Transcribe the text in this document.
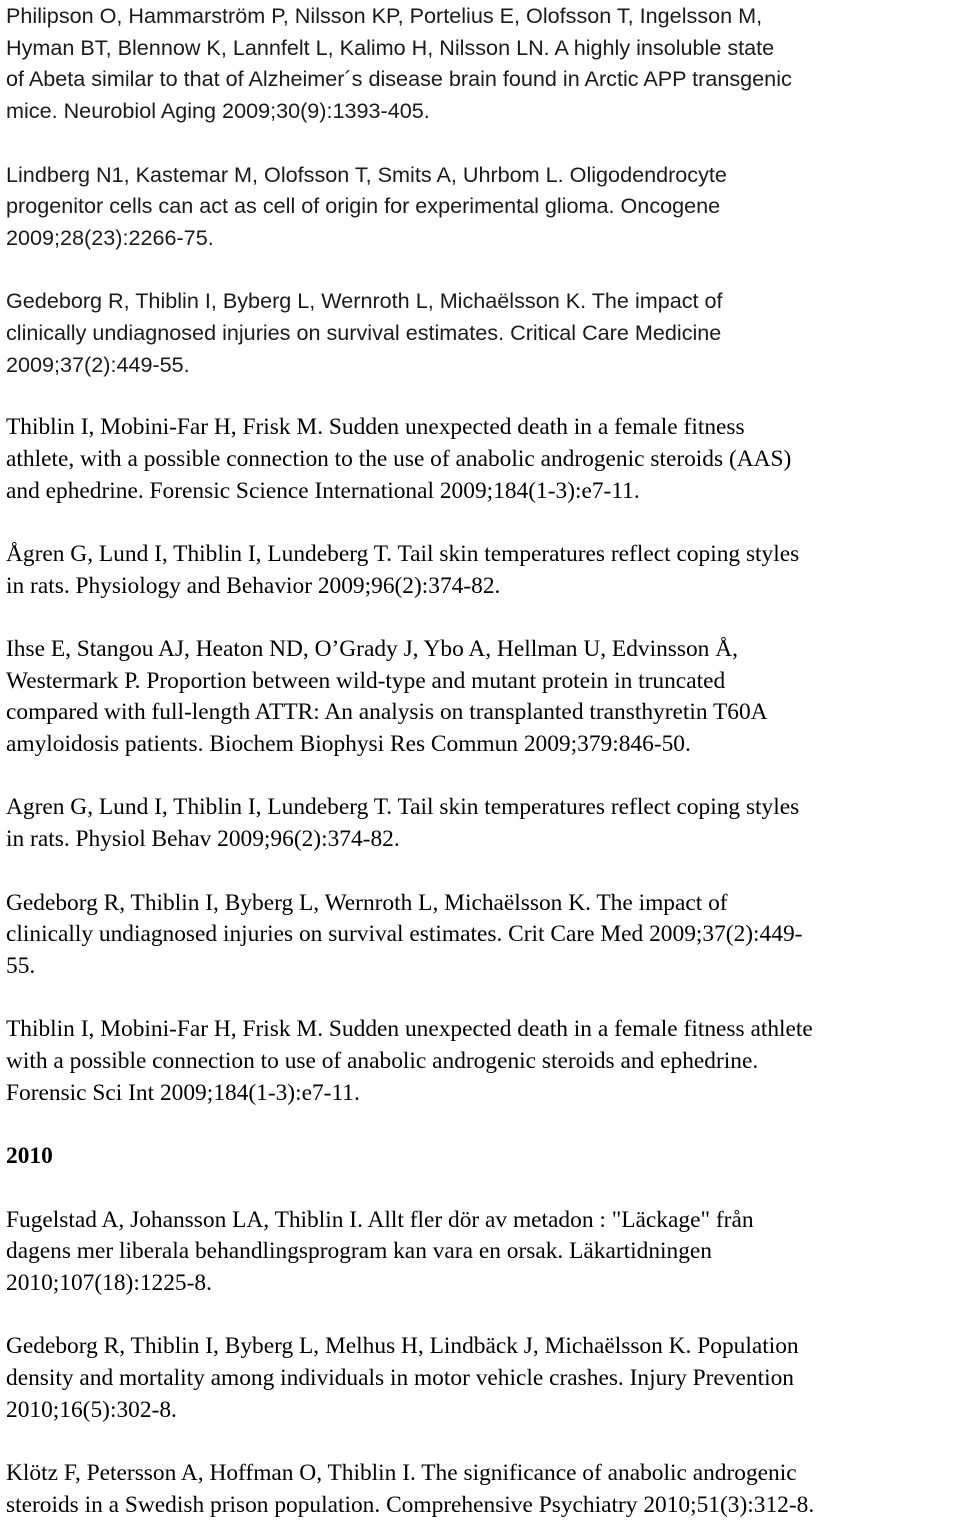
Philipson O, Hammarström P, Nilsson KP, Portelius E, Olofsson T, Ingelsson M,
Hyman BT, Blennow K, Lannfelt L, Kalimo H, Nilsson LN. A highly insoluble state
of Abeta similar to that of Alzheimer´s disease brain found in Arctic APP transgenic
mice. Neurobiol Aging 2009;30(9):1393-405.
Lindberg N1, Kastemar M, Olofsson T, Smits A, Uhrbom L. Oligodendrocyte
progenitor cells can act as cell of origin for experimental glioma. Oncogene
2009;28(23):2266-75.
Gedeborg R, Thiblin I, Byberg L, Wernroth L, Michaëlsson K. The impact of
clinically undiagnosed injuries on survival estimates. Critical Care Medicine
2009;37(2):449-55.
Thiblin I, Mobini-Far H, Frisk M. Sudden unexpected death in a female fitness
athlete, with a possible connection to the use of anabolic androgenic steroids (AAS)
and ephedrine. Forensic Science International 2009;184(1-3):e7-11.
Ågren G, Lund I, Thiblin I, Lundeberg T. Tail skin temperatures reflect coping styles
in rats. Physiology and Behavior 2009;96(2):374-82.
Ihse E, Stangou AJ, Heaton ND, O’Grady J, Ybo A, Hellman U, Edvinsson Å,
Westermark P. Proportion between wild-type and mutant protein in truncated
compared with full-length ATTR: An analysis on transplanted transthyretin T60A
amyloidosis patients. Biochem Biophysi Res Commun 2009;379:846-50.
Agren G, Lund I, Thiblin I, Lundeberg T. Tail skin temperatures reflect coping styles
in rats. Physiol Behav 2009;96(2):374-82.
Gedeborg R, Thiblin I, Byberg L, Wernroth L, Michaëlsson K. The impact of
clinically undiagnosed injuries on survival estimates. Crit Care Med 2009;37(2):449-
55.
Thiblin I, Mobini-Far H, Frisk M. Sudden unexpected death in a female fitness athlete
with a possible connection to use of anabolic androgenic steroids and ephedrine.
Forensic Sci Int 2009;184(1-3):e7-11.
2010
Fugelstad A, Johansson LA, Thiblin I. Allt fler dör av metadon : "Läckage" från
dagens mer liberala behandlingsprogram kan vara en orsak. Läkartidningen
2010;107(18):1225-8.
Gedeborg R, Thiblin I, Byberg L, Melhus H, Lindbäck J, Michaëlsson K. Population
density and mortality among individuals in motor vehicle crashes. Injury Prevention
2010;16(5):302-8.
Klötz F, Petersson A, Hoffman O, Thiblin I. The significance of anabolic androgenic
steroids in a Swedish prison population. Comprehensive Psychiatry 2010;51(3):312-8.
